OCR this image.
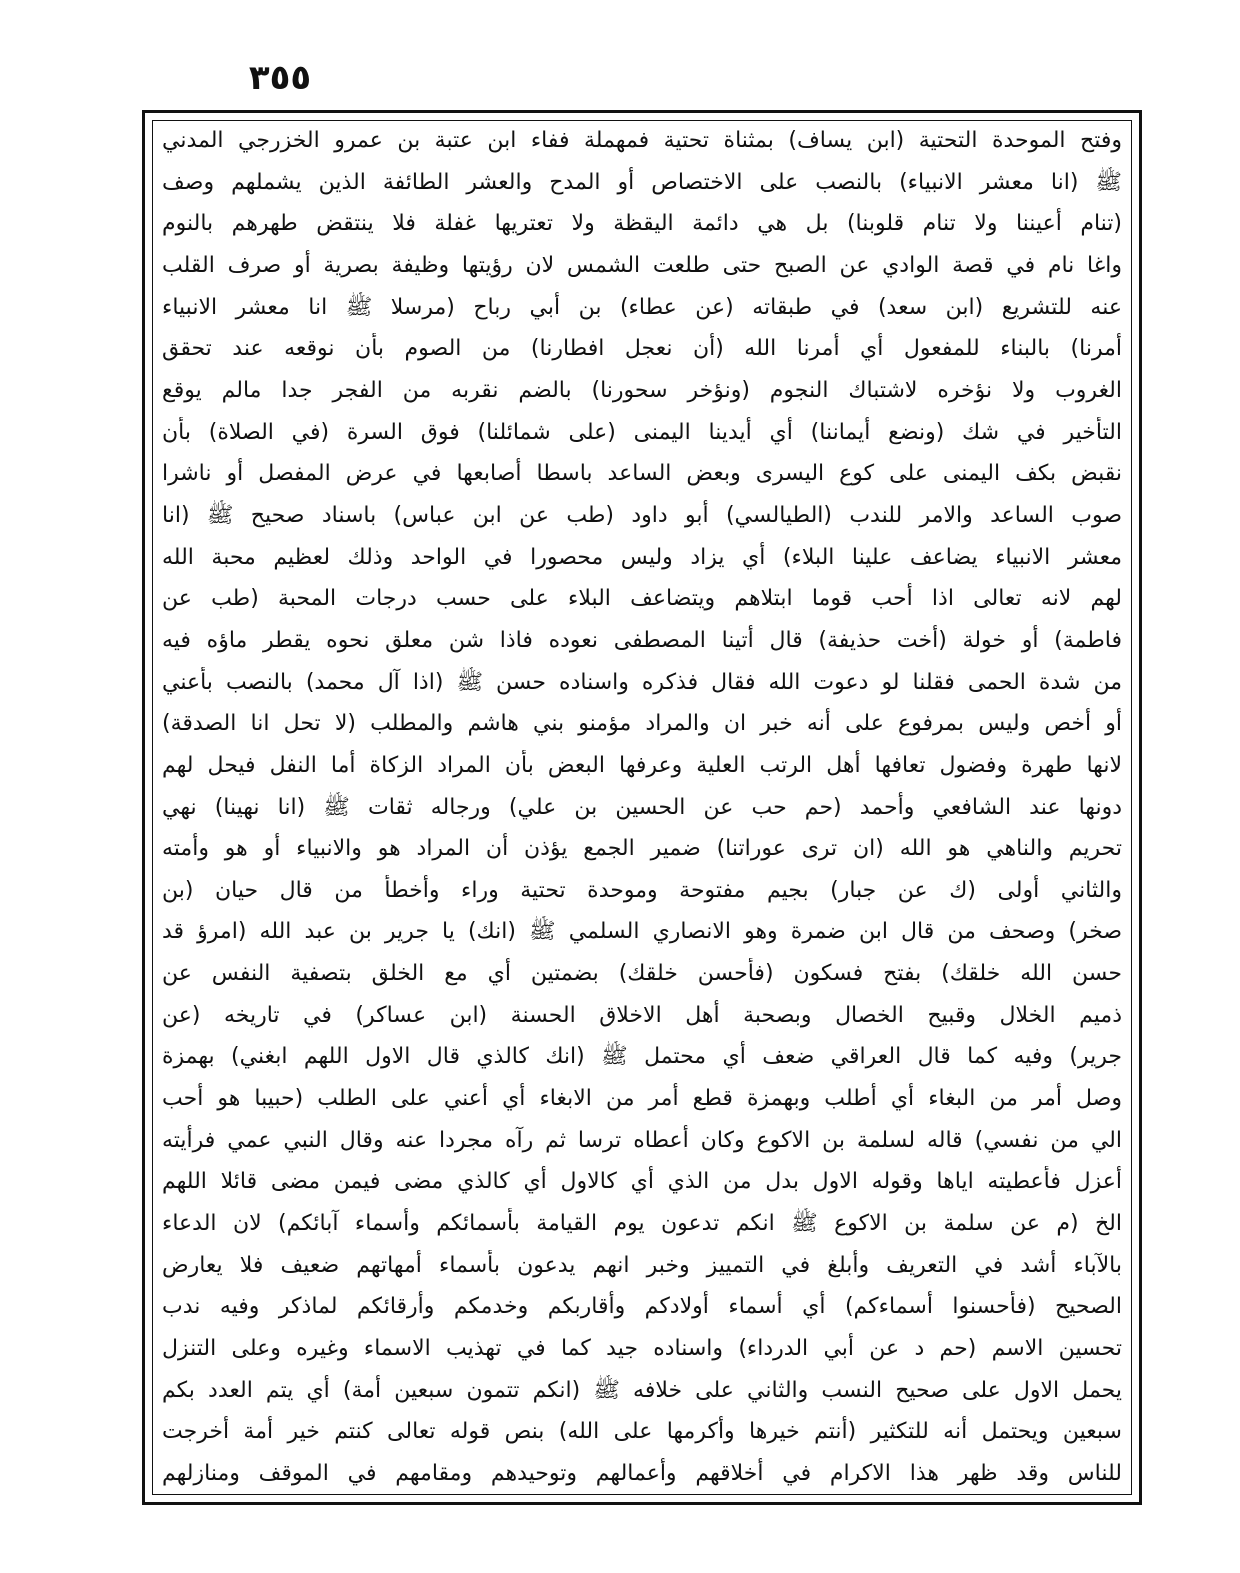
٣٥٥
وفتح الموحدة التحتية (ابن يساف) بمثناة تحتية فمهملة ففاء ابن عتبة بن عمرو الخزرجي المدني
ﷺ (انا معشر الانبياء) بالنصب على الاختصاص أو المدح والعشر الطائفة الذين يشملهم وصف
(تنام أعيننا ولا تنام قلوبنا) بل هي دائمة اليقظة ولا تعتريها غفلة فلا ينتقض طهرهم بالنوم
واغا نام في قصة الوادي عن الصبح حتى طلعت الشمس لان رؤيتها وظيفة بصرية أو صرف القلب
عنه للتشريع (ابن سعد) في طبقاته (عن عطاء) بن أبي رباح (مرسلا ﷺ انا معشر الانبياء
أمرنا) بالبناء للمفعول أي أمرنا الله (أن نعجل افطارنا) من الصوم بأن نوقعه عند تحقق
الغروب ولا نؤخره لاشتباك النجوم (ونؤخر سحورنا) بالضم نقربه من الفجر جدا مالم يوقع
التأخير في شك (ونضع أيماننا) أي أيدينا اليمنى (على شمائلنا) فوق السرة (في الصلاة) بأن
نقبض بكف اليمنى على كوع اليسرى وبعض الساعد باسطا أصابعها في عرض المفصل أو ناشرا
صوب الساعد والامر للندب (الطيالسي) أبو داود (طب عن ابن عباس) باسناد صحيح ﷺ (انا
معشر الانبياء يضاعف علينا البلاء) أي يزاد وليس محصورا في الواحد وذلك لعظيم محبة الله
لهم لانه تعالى اذا أحب قوما ابتلاهم ويتضاعف البلاء على حسب درجات المحبة (طب عن
فاطمة) أو خولة (أخت حذيفة) قال أتينا المصطفى نعوده فاذا شن معلق نحوه يقطر ماؤه فيه
من شدة الحمى فقلنا لو دعوت الله فقال فذكره واسناده حسن ﷺ (اذا آل محمد) بالنصب بأعني
أو أخص وليس بمرفوع على أنه خبر ان والمراد مؤمنو بني هاشم والمطلب (لا تحل انا الصدقة)
لانها طهرة وفضول تعافها أهل الرتب العلية وعرفها البعض بأن المراد الزكاة أما النفل فيحل لهم
دونها عند الشافعي وأحمد (حم حب عن الحسين بن علي) ورجاله ثقات ﷺ (انا نهينا) نهي
تحريم والناهي هو الله (ان ترى عوراتنا) ضمير الجمع يؤذن أن المراد هو والانبياء أو هو وأمته
والثاني أولى (ك عن جبار) بجيم مفتوحة وموحدة تحتية وراء وأخطأ من قال حيان (بن
صخر) وصحف من قال ابن ضمرة وهو الانصاري السلمي ﷺ (انك) يا جرير بن عبد الله (امرؤ قد
حسن الله خلقك) بفتح فسكون (فأحسن خلقك) بضمتين أي مع الخلق بتصفية النفس عن
ذميم الخلال وقبيح الخصال وبصحبة أهل الاخلاق الحسنة (ابن عساكر) في تاريخه (عن
جرير) وفيه كما قال العراقي ضعف أي محتمل ﷺ (انك كالذي قال الاول اللهم ابغني) بهمزة
وصل أمر من البغاء أي أطلب وبهمزة قطع أمر من الابغاء أي أعني على الطلب (حبيبا هو أحب
الي من نفسي) قاله لسلمة بن الاكوع وكان أعطاه ترسا ثم رآه مجردا عنه وقال النبي عمي فرأيته
أعزل فأعطيته اياها وقوله الاول بدل من الذي أي كالاول أي كالذي مضى فيمن مضى قائلا اللهم
الخ (م عن سلمة بن الاكوع ﷺ انكم تدعون يوم القيامة بأسمائكم وأسماء آبائكم) لان الدعاء
بالآباء أشد في التعريف وأبلغ في التمييز وخبر انهم يدعون بأسماء أمهاتهم ضعيف فلا يعارض
الصحيح (فأحسنوا أسماءكم) أي أسماء أولادكم وأقاربكم وخدمكم وأرقائكم لماذكر وفيه ندب
تحسين الاسم (حم د عن أبي الدرداء) واسناده جيد كما في تهذيب الاسماء وغيره وعلى التنزل
يحمل الاول على صحيح النسب والثاني على خلافه ﷺ (انكم تتمون سبعين أمة) أي يتم العدد بكم
سبعين ويحتمل أنه للتكثير (أنتم خيرها وأكرمها على الله) بنص قوله تعالى كنتم خير أمة أخرجت
للناس وقد ظهر هذا الاكرام في أخلاقهم وأعمالهم وتوحيدهم ومقامهم في الموقف ومنازلهم
